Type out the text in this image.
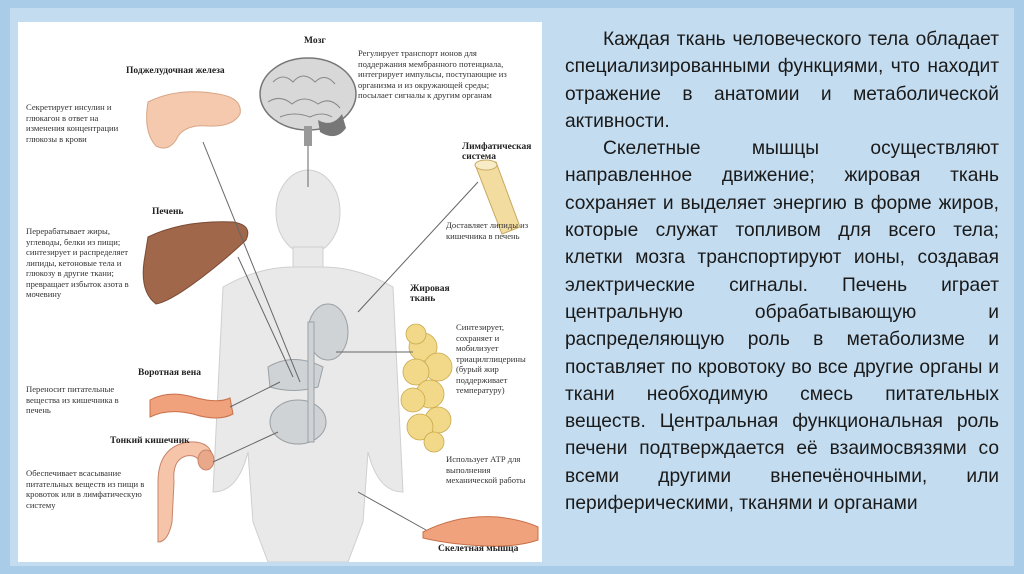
Мозг
Регулирует транспорт ионов для поддержания мембранного потенциала, интегрирует импульсы, поступающие из организма и из окружающей среды; посылает сигналы к другим органам
Поджелудочная железа
Секретирует инсулин и глюкагон в ответ на изменения концентрации глюкозы в крови
Лимфатическая система
Доставляет липиды из кишечника в печень
Печень
Перерабатывает жиры, углеводы, белки из пищи; синтезирует и распределяет липиды, кетоновые тела и глюкозу в другие ткани; превращает избыток азота в мочевину	Жировая ткань
Синтезирует, сохраняет и мобилизует триацилглицерины (бурый жир поддерживает температуру)
Воротная вена
Переносит питательные вещества из кишечника в печень
Тонкий кишечник
Обеспечивает всасывание питательных веществ из пищи в кровоток или в лимфатическую систему
Использует АТР для выполнения механической работы
Скелетная мышца

Каждая ткань человеческого тела обладает специализированными функциями, что находит отражение в анатомии и метаболической активности.

Скелетные мышцы осуществляют направленное движение; жировая ткань сохраняет и выделяет энергию в форме жиров, которые служат топливом для всего тела; клетки мозга транспортируют ионы, создавая электрические сигналы. Печень играет центральную обрабатывающую и распределяющую роль в метаболизме и поставляет по кровотоку во все другие органы и ткани необходимую смесь питательных веществ. Центральная функциональная роль печени подтверждается её взаимосвязями со всеми другими внепечёночными, или периферическими, тканями и органами
